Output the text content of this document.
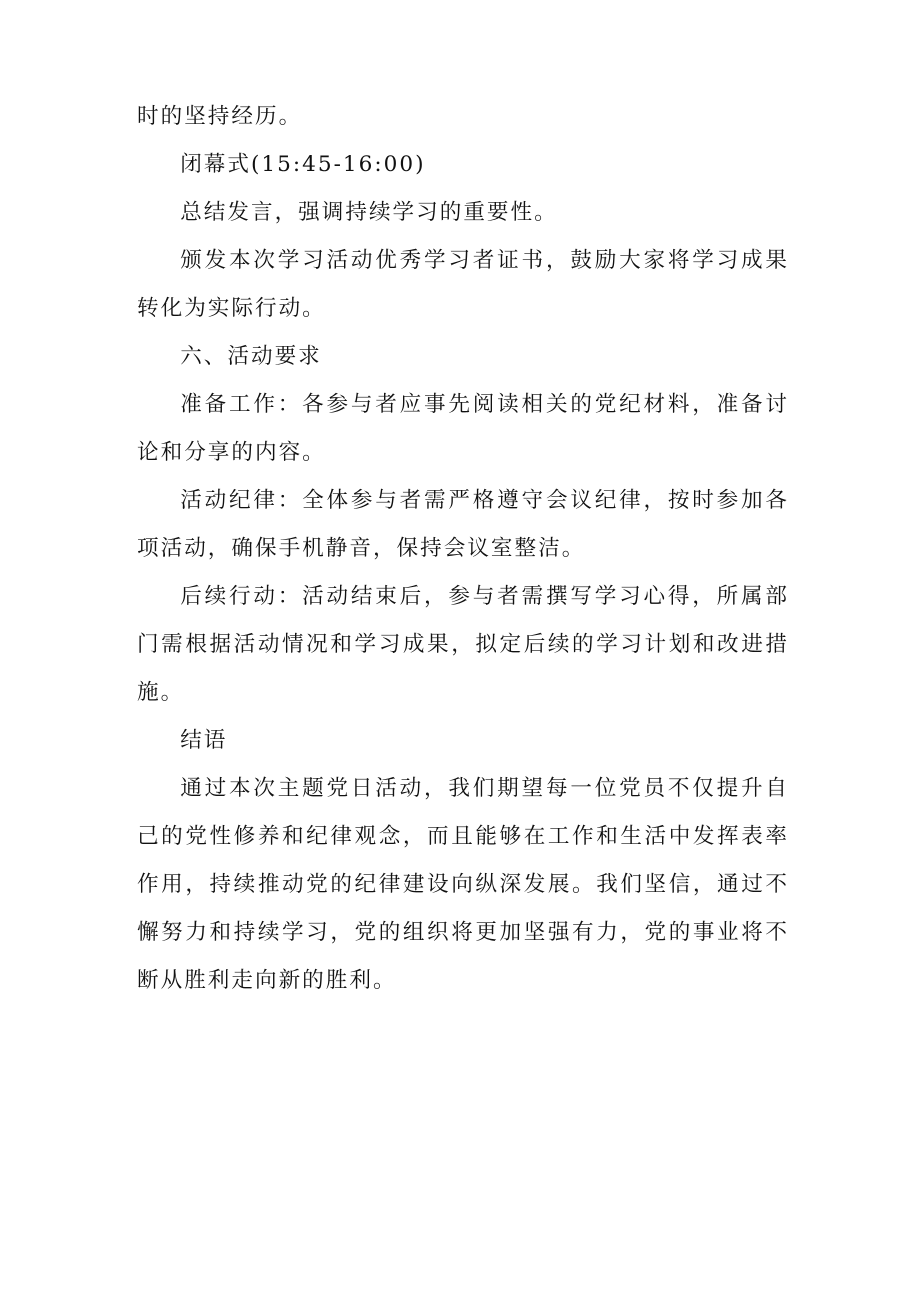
时的坚持经历。

闭幕式(15:45-16:00)

总结发言，强调持续学习的重要性。

颁发本次学习活动优秀学习者证书，鼓励大家将学习成果转化为实际行动。

六、活动要求

准备工作：各参与者应事先阅读相关的党纪材料，准备讨论和分享的内容。

活动纪律：全体参与者需严格遵守会议纪律，按时参加各项活动，确保手机静音，保持会议室整洁。

后续行动：活动结束后，参与者需撰写学习心得，所属部门需根据活动情况和学习成果，拟定后续的学习计划和改进措施。

结语

通过本次主题党日活动，我们期望每一位党员不仅提升自己的党性修养和纪律观念，而且能够在工作和生活中发挥表率作用，持续推动党的纪律建设向纵深发展。我们坚信，通过不懈努力和持续学习，党的组织将更加坚强有力，党的事业将不断从胜利走向新的胜利。
